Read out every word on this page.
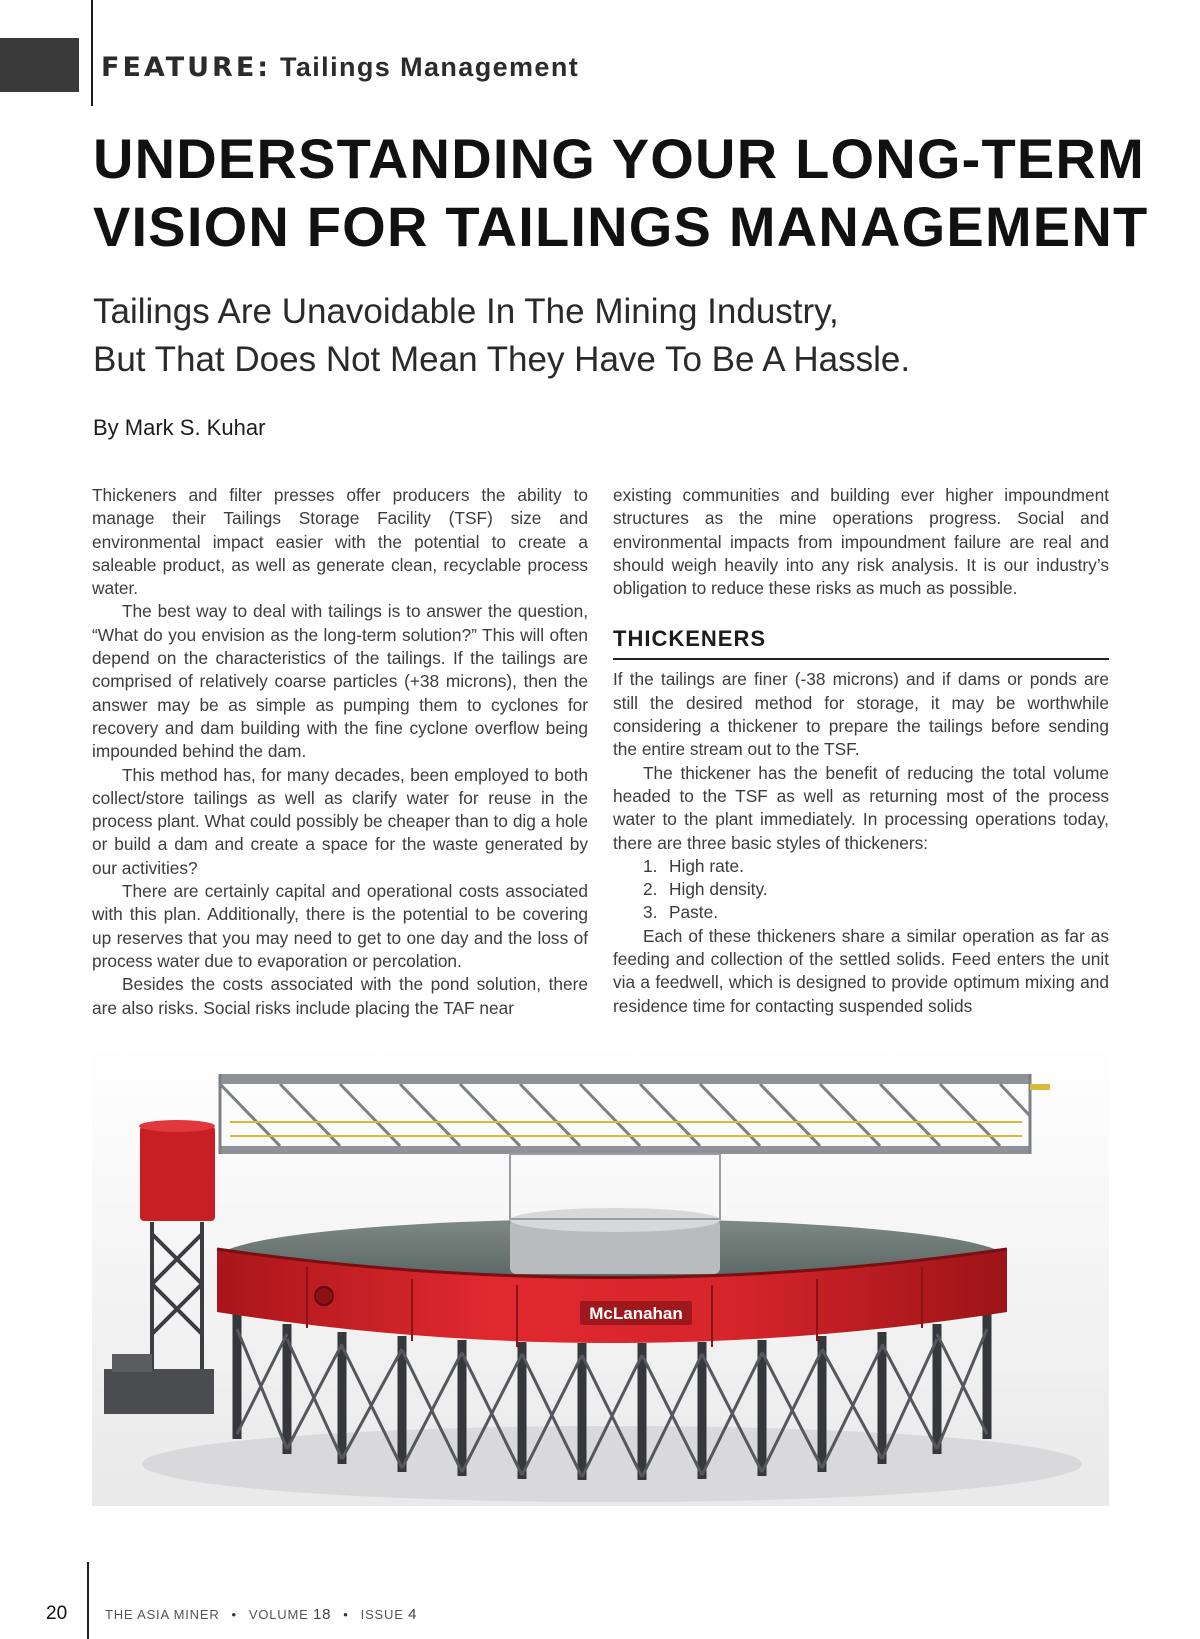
FEATURE: Tailings Management
UNDERSTANDING YOUR LONG-TERM
VISION FOR TAILINGS MANAGEMENT
Tailings Are Unavoidable In The Mining Industry,
But That Does Not Mean They Have To Be A Hassle.
By Mark S. Kuhar

Thickeners and filter presses offer producers the ability to manage their Tailings Storage Facility (TSF) size and environmental impact easier with the potential to create a saleable product, as well as generate clean, recyclable process water.

The best way to deal with tailings is to answer the question, “What do you envision as the long-term solution?” This will often depend on the characteristics of the tailings. If the tailings are comprised of relatively coarse particles (+38 microns), then the answer may be as simple as pumping them to cyclones for recovery and dam building with the fine cyclone overflow being impounded behind the dam.

This method has, for many decades, been employed to both collect/store tailings as well as clarify water for reuse in the process plant. What could possibly be cheaper than to dig a hole or build a dam and create a space for the waste generated by our activities?

There are certainly capital and operational costs associated with this plan. Additionally, there is the potential to be covering up reserves that you may need to get to one day and the loss of process water due to evaporation or percolation.

Besides the costs associated with the pond solution, there are also risks. Social risks include placing the TAF near

existing communities and building ever higher impoundment structures as the mine operations progress. Social and environmental impacts from impoundment failure are real and should weigh heavily into any risk analysis. It is our industry’s obligation to reduce these risks as much as possible.

THICKENERS

If the tailings are finer (-38 microns) and if dams or ponds are still the desired method for storage, it may be worthwhile considering a thickener to prepare the tailings before sending the entire stream out to the TSF.

The thickener has the benefit of reducing the total volume headed to the TSF as well as returning most of the process water to the plant immediately. In processing operations today, there are three basic styles of thickeners:

1. High rate.
2. High density.
3. Paste.

Each of these thickeners share a similar operation as far as feeding and collection of the settled solids. Feed enters the unit via a feedwell, which is designed to provide optimum mixing and residence time for contacting suspended solids

McLanahan
20	THE ASIA MINER • VOLUME 18 • ISSUE 4
